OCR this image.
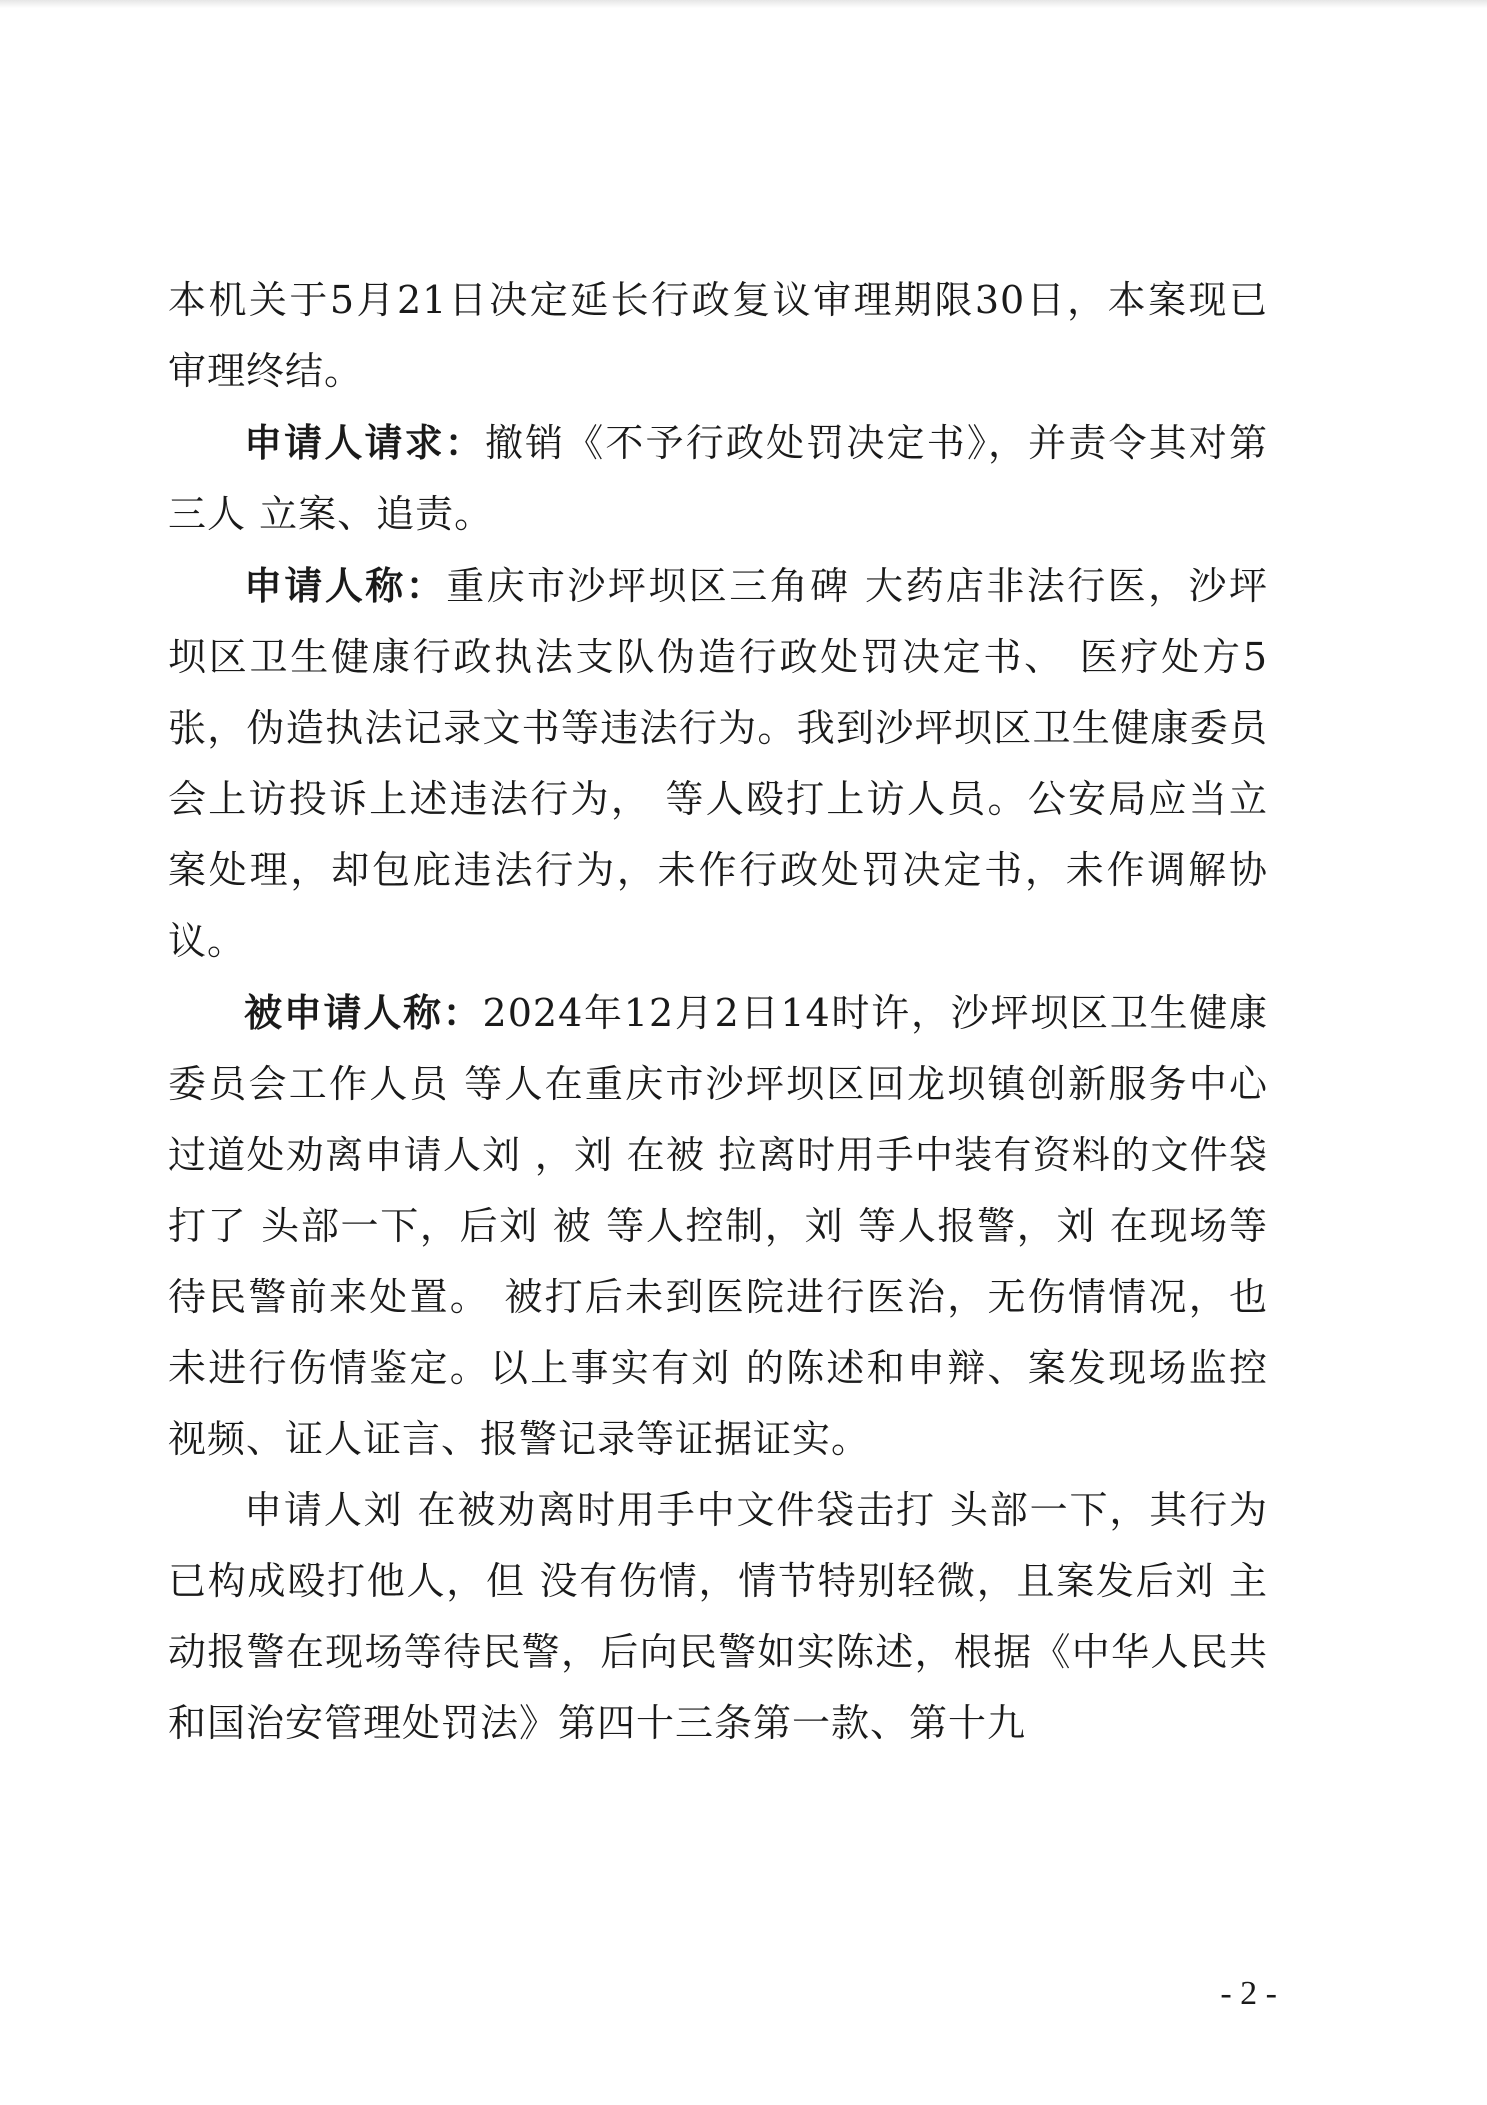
本机关于5月21日决定延长行政复议审理期限30日，本案现已审理终结。

申请人请求：撤销《不予行政处罚决定书》，并责令其对第三人 立案、追责。

申请人称：重庆市沙坪坝区三角碑 大药店非法行医，沙坪坝区卫生健康行政执法支队伪造行政处罚决定书、 医疗处方5张，伪造执法记录文书等违法行为。我到沙坪坝区卫生健康委员会上访投诉上述违法行为， 等人殴打上访人员。公安局应当立案处理，却包庇违法行为，未作行政处罚决定书，未作调解协议。

被申请人称：2024年12月2日14时许，沙坪坝区卫生健康委员会工作人员 等人在重庆市沙坪坝区回龙坝镇创新服务中心 过道处劝离申请人刘 ，刘 在被 拉离时用手中装有资料的文件袋打了 头部一下，后刘 被 等人控制，刘 等人报警，刘 在现场等待民警前来处置。 被打后未到医院进行医治，无伤情情况，也未进行伤情鉴定。以上事实有刘 的陈述和申辩、案发现场监控视频、证人证言、报警记录等证据证实。

申请人刘 在被劝离时用手中文件袋击打 头部一下，其行为已构成殴打他人，但 没有伤情，情节特别轻微，且案发后刘 主动报警在现场等待民警，后向民警如实陈述，根据《中华人民共和国治安管理处罚法》第四十三条第一款、第十九

- 2 -
